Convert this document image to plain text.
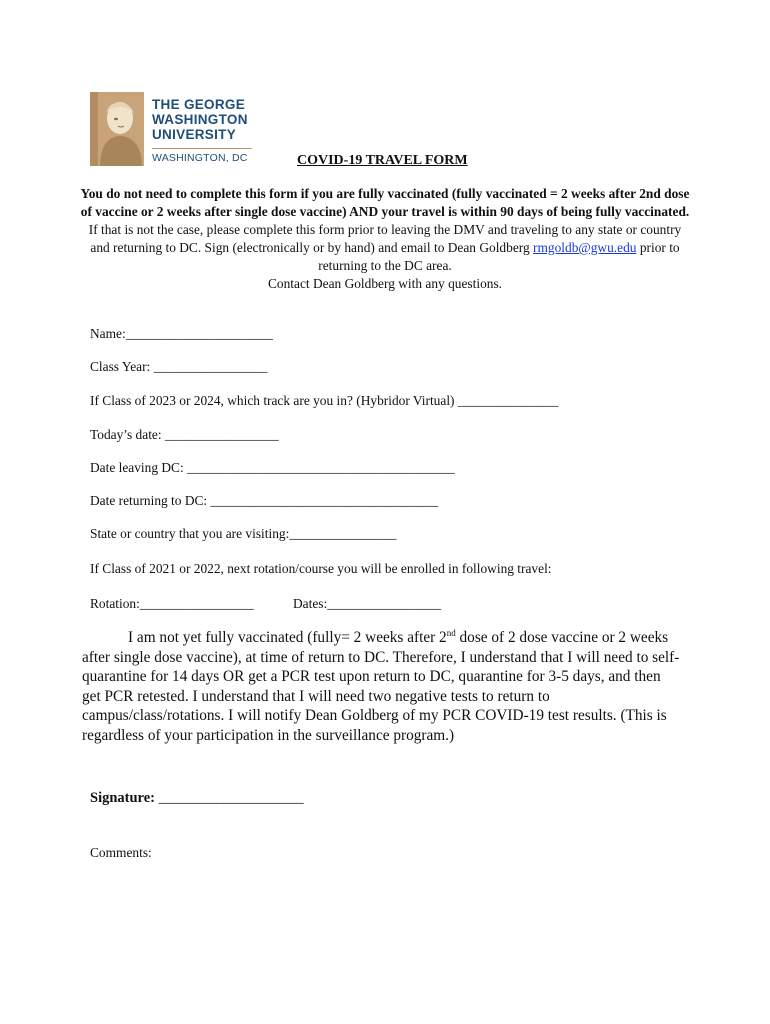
THE GEORGE
WASHINGTON
UNIVERSITY
WASHINGTON, DC	COVID-19 TRAVEL FORM
You do not need to complete this form if you are fully vaccinated (fully vaccinated = 2 weeks after 2nd dose of vaccine or 2 weeks after single dose vaccine) AND your travel is within 90 days of being fully vaccinated. If that is not the case, please complete this form prior to leaving the DMV and traveling to any state or country and returning to DC. Sign (electronically or by hand) and email to Dean Goldberg rmgoldb@gwu.edu prior to returning to the DC area.
Contact Dean Goldberg with any questions.
Name:______________________
Class Year: _________________
If Class of 2023 or 2024, which track are you in? (Hybridor Virtual) _______________
Today’s date: _________________
Date leaving DC: ________________________________________
Date returning to DC: __________________________________
State or country that you are visiting:________________
If Class of 2021 or 2022, next rotation/course you will be enrolled in following travel:
Rotation:_________________	Dates:_________________
I am not yet fully vaccinated (fully= 2 weeks after 2nd dose of 2 dose vaccine or 2 weeks after single dose vaccine), at time of return to DC. Therefore, I understand that I will need to self- quarantine for 14 days OR get a PCR test upon return to DC, quarantine for 3-5 days, and then get PCR retested. I understand that I will need two negative tests to return to campus/class/rotations. I will notify Dean Goldberg of my PCR COVID-19 test results. (This is regardless of your participation in the surveillance program.)
Signature: ____________________
Comments:
